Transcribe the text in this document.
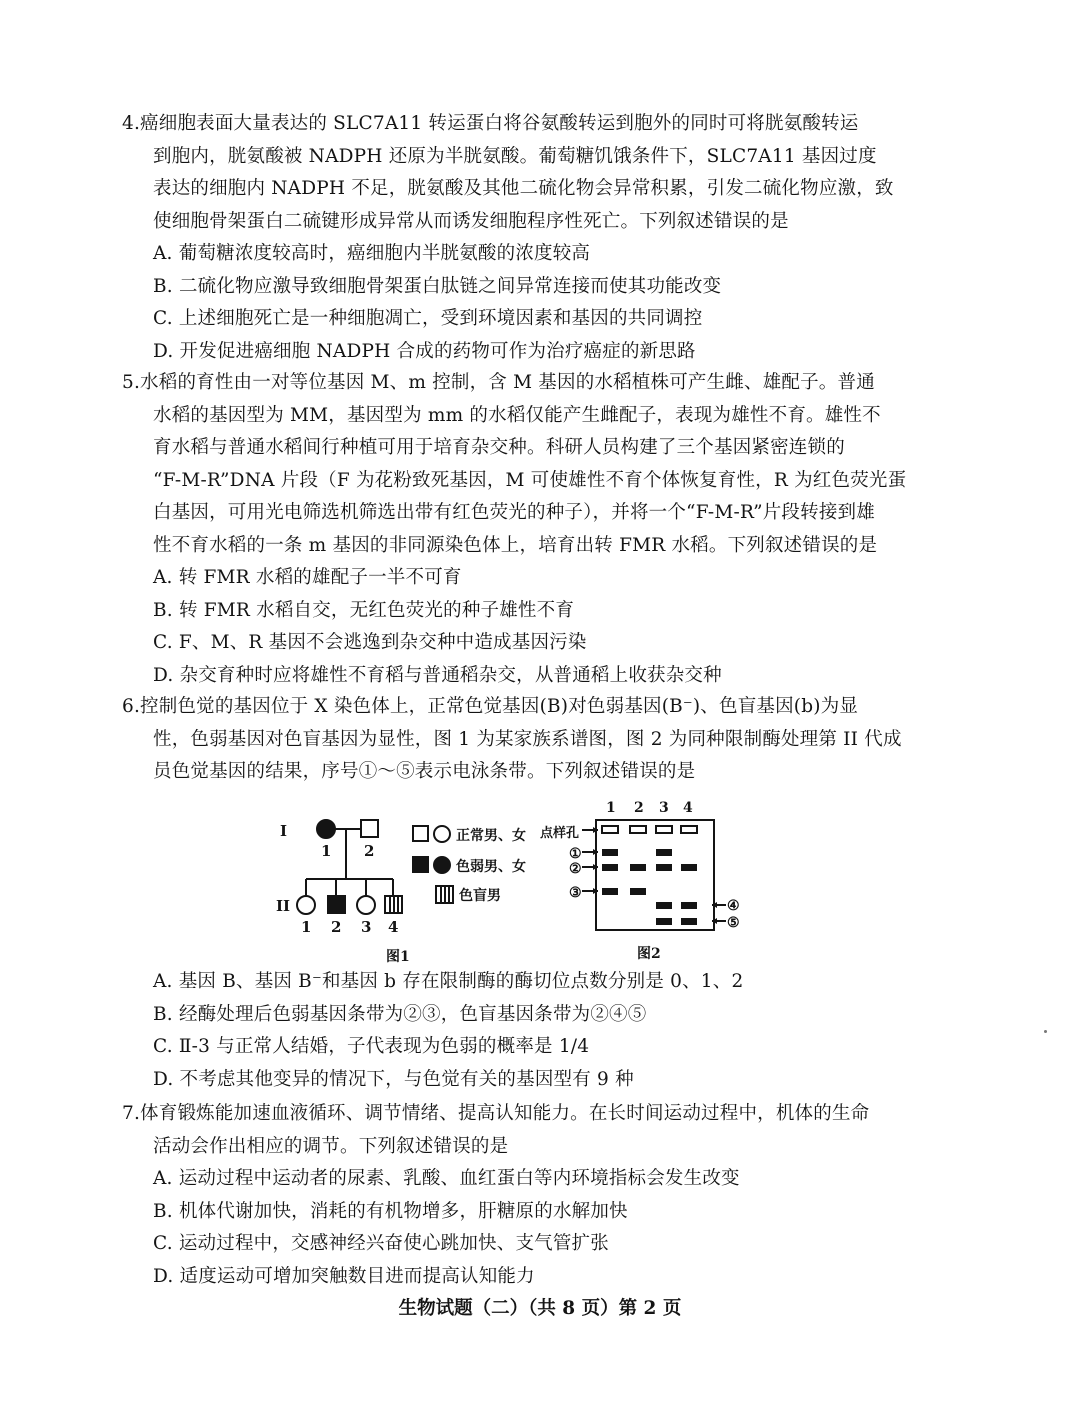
4.癌细胞表面大量表达的 SLC7A11 转运蛋白将谷氨酸转运到胞外的同时可将胱氨酸转运
到胞内，胱氨酸被 NADPH 还原为半胱氨酸。葡萄糖饥饿条件下，SLC7A11 基因过度
表达的细胞内 NADPH 不足，胱氨酸及其他二硫化物会异常积累，引发二硫化物应激，致
使细胞骨架蛋白二硫键形成异常从而诱发细胞程序性死亡。下列叙述错误的是
A. 葡萄糖浓度较高时，癌细胞内半胱氨酸的浓度较高
B. 二硫化物应激导致细胞骨架蛋白肽链之间异常连接而使其功能改变
C. 上述细胞死亡是一种细胞凋亡，受到环境因素和基因的共同调控
D. 开发促进癌细胞 NADPH 合成的药物可作为治疗癌症的新思路
5.水稻的育性由一对等位基因 M、m 控制，含 M 基因的水稻植株可产生雌、雄配子。普通
水稻的基因型为 MM，基因型为 mm 的水稻仅能产生雌配子，表现为雄性不育。雄性不
育水稻与普通水稻间行种植可用于培育杂交种。科研人员构建了三个基因紧密连锁的
“F-M-R”DNA 片段（F 为花粉致死基因，M 可使雄性不育个体恢复育性，R 为红色荧光蛋
白基因，可用光电筛选机筛选出带有红色荧光的种子），并将一个“F-M-R”片段转接到雄
性不育水稻的一条 m 基因的非同源染色体上，培育出转 FMR 水稻。下列叙述错误的是
A. 转 FMR 水稻的雄配子一半不可育
B. 转 FMR 水稻自交，无红色荧光的种子雄性不育
C. F、M、R 基因不会逃逸到杂交种中造成基因污染
D. 杂交育种时应将雄性不育稻与普通稻杂交，从普通稻上收获杂交种
6.控制色觉的基因位于 X 染色体上，正常色觉基因(B)对色弱基因(B⁻)、色盲基因(b)为显
性，色弱基因对色盲基因为显性，图 1 为某家族系谱图，图 2 为同种限制酶处理第 II 代成
员色觉基因的结果，序号①～⑤表示电泳条带。下列叙述错误的是
I
1 2
II
1 2 3 4
正常男、女
色弱男、女
色盲男
图1
1 2 3 4
点样孔
①
②
③
④
⑤
图2
A. 基因 B、基因 B⁻和基因 b 存在限制酶的酶切位点数分别是 0、1、2
B. 经酶处理后色弱基因条带为②③，色盲基因条带为②④⑤
C. Ⅱ-3 与正常人结婚，子代表现为色弱的概率是 1/4
D. 不考虑其他变异的情况下，与色觉有关的基因型有 9 种
7.体育锻炼能加速血液循环、调节情绪、提高认知能力。在长时间运动过程中，机体的生命
活动会作出相应的调节。下列叙述错误的是
A. 运动过程中运动者的尿素、乳酸、血红蛋白等内环境指标会发生改变
B. 机体代谢加快，消耗的有机物增多，肝糖原的水解加快
C. 运动过程中，交感神经兴奋使心跳加快、支气管扩张
D. 适度运动可增加突触数目进而提高认知能力
生物试题（二）（共 8 页）第 2 页
